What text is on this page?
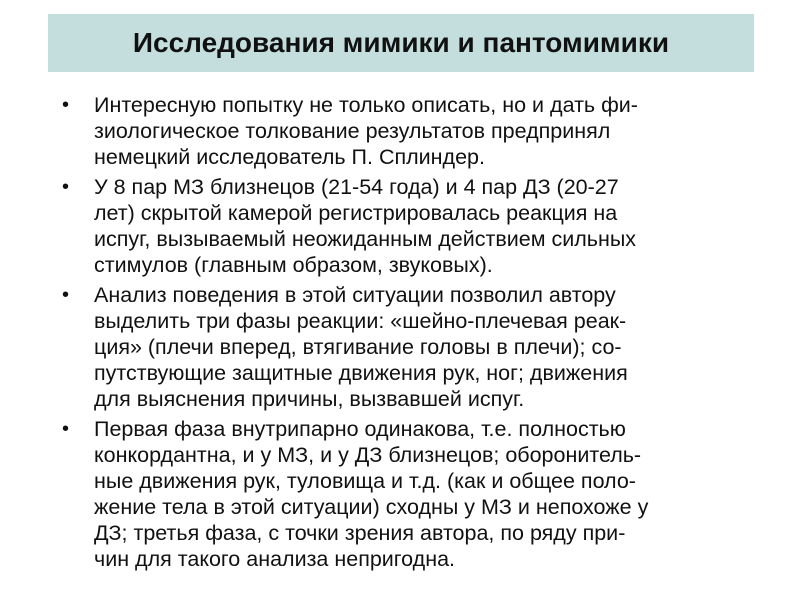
Исследования мимики и пантомимики
•	Интересную попытку не только описать, но и дать фи-
зиологическое толкование результатов предпринял
немецкий исследователь П. Сплиндер.
•	У 8 пар МЗ близнецов (21-54 года) и 4 пар ДЗ (20-27
лет) скрытой камерой регистрировалась реакция на
испуг, вызываемый неожиданным действием сильных
стимулов (главным образом, звуковых).
•	Анализ поведения в этой ситуации позволил автору
выделить три фазы реакции: «шейно-плечевая реак-
ция» (плечи вперед, втягивание головы в плечи); со-
путствующие защитные движения рук, ног; движения
для выяснения причины, вызвавшей испуг.
•	Первая фаза внутрипарно одинакова, т.е. полностью
конкордантна, и у МЗ, и у ДЗ близнецов; оборонитель-
ные движения рук, туловища и т.д. (как и общее поло-
жение тела в этой ситуации) сходны у МЗ и непохоже у
ДЗ; третья фаза, с точки зрения автора, по ряду при-
чин для такого анализа непригодна.
